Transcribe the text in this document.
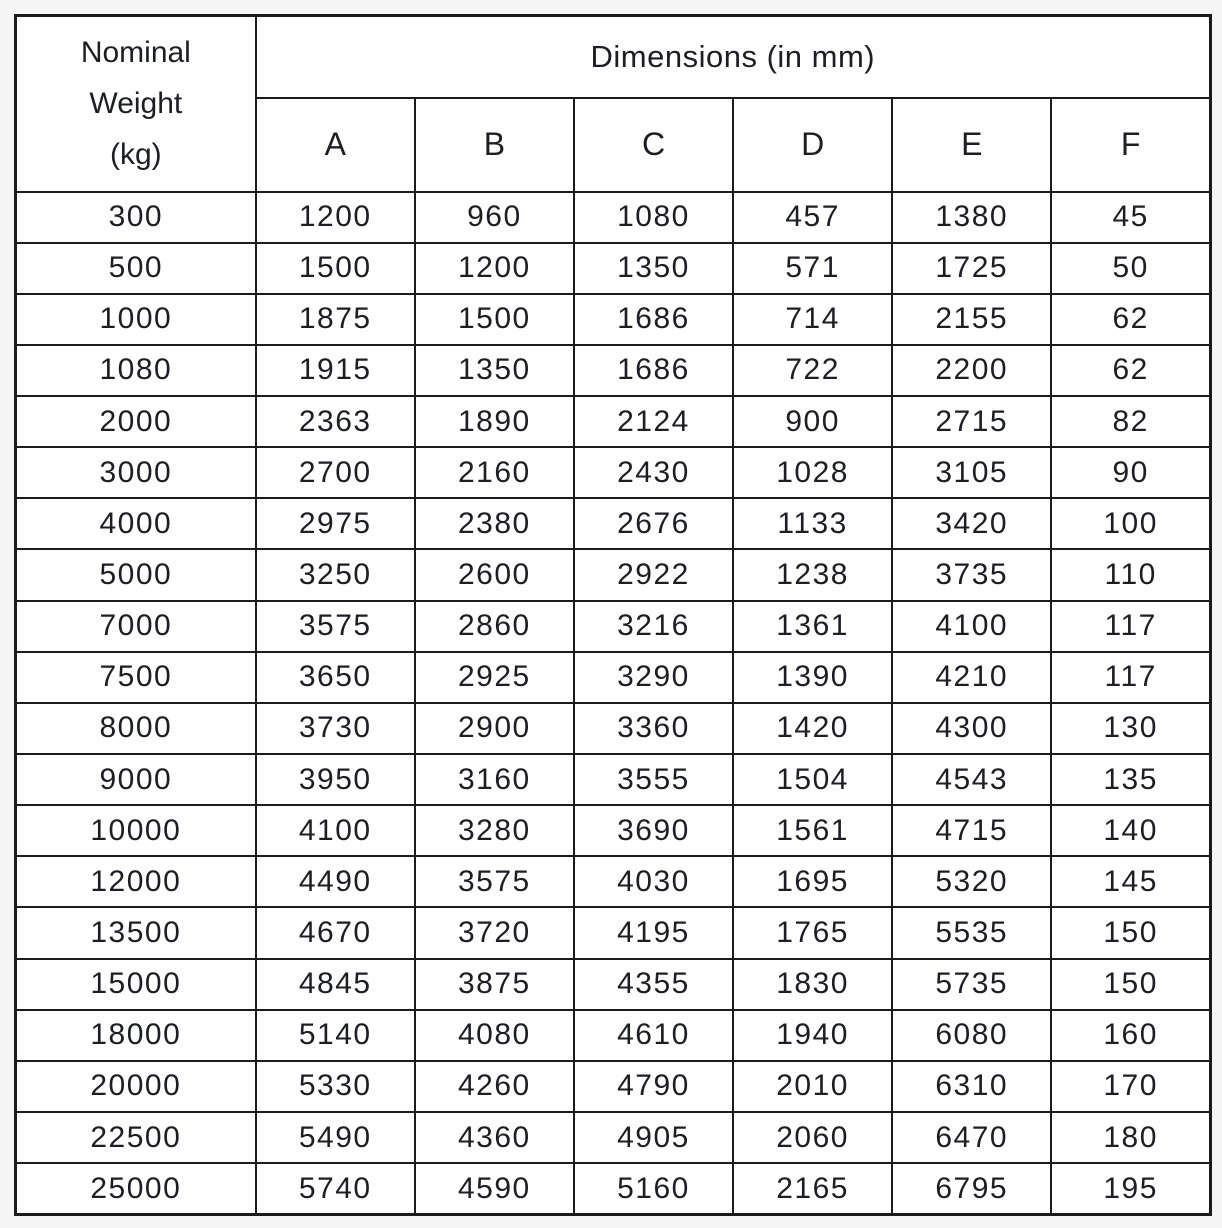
Nominal
Weight
(kg)	Dimensions (in mm)					
	A	B	C	D	E	F
300	1200	960	1080	457	1380	45
500	1500	1200	1350	571	1725	50
1000	1875	1500	1686	714	2155	62
1080	1915	1350	1686	722	2200	62
2000	2363	1890	2124	900	2715	82
3000	2700	2160	2430	1028	3105	90
4000	2975	2380	2676	1133	3420	100
5000	3250	2600	2922	1238	3735	110
7000	3575	2860	3216	1361	4100	117
7500	3650	2925	3290	1390	4210	117
8000	3730	2900	3360	1420	4300	130
9000	3950	3160	3555	1504	4543	135
10000	4100	3280	3690	1561	4715	140
12000	4490	3575	4030	1695	5320	145
13500	4670	3720	4195	1765	5535	150
15000	4845	3875	4355	1830	5735	150
18000	5140	4080	4610	1940	6080	160
20000	5330	4260	4790	2010	6310	170
22500	5490	4360	4905	2060	6470	180
25000	5740	4590	5160	2165	6795	195
